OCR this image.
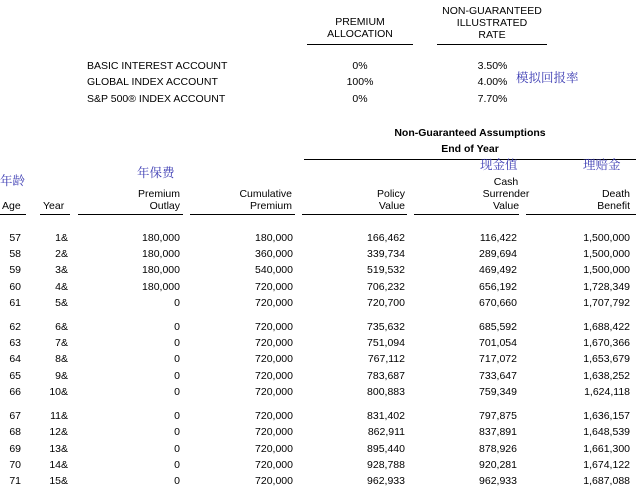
PREMIUM
ALLOCATION
NON-GUARANTEED
ILLUSTRATED
RATE
BASIC INTEREST ACCOUNT	0%	3.50%
GLOBAL INDEX ACCOUNT	100%	4.00% 模拟回报率
S&P 500® INDEX ACCOUNT	0%	7.70%
Non-Guaranteed Assumptions
End of Year
年龄
年保费
现金值	理赔金
Age Year
Premium
Outlay
Cumulative
Premium
Policy
Value
Cash
Surrender
Value
Death
Benefit
57	1&	180,000	180,000	166,462	116,422	1,500,000
58	2&	180,000	360,000	339,734	289,694	1,500,000
59	3&	180,000	540,000	519,532	469,492	1,500,000
60	4&	180,000	720,000	706,232	656,192	1,728,349
61	5&	0	720,000	720,700	670,660	1,707,792
62	6&	0	720,000	735,632	685,592	1,688,422
63	7&	0	720,000	751,094	701,054	1,670,366
64	8&	0	720,000	767,112	717,072	1,653,679
65	9&	0	720,000	783,687	733,647	1,638,252
66	10&	0	720,000	800,883	759,349	1,624,118
67	11&	0	720,000	831,402	797,875	1,636,157
68	12&	0	720,000	862,911	837,891	1,648,539
69	13&	0	720,000	895,440	878,926	1,661,300
70	14&	0	720,000	928,788	920,281	1,674,122
71	15&	0	720,000	962,933	962,933	1,687,088
